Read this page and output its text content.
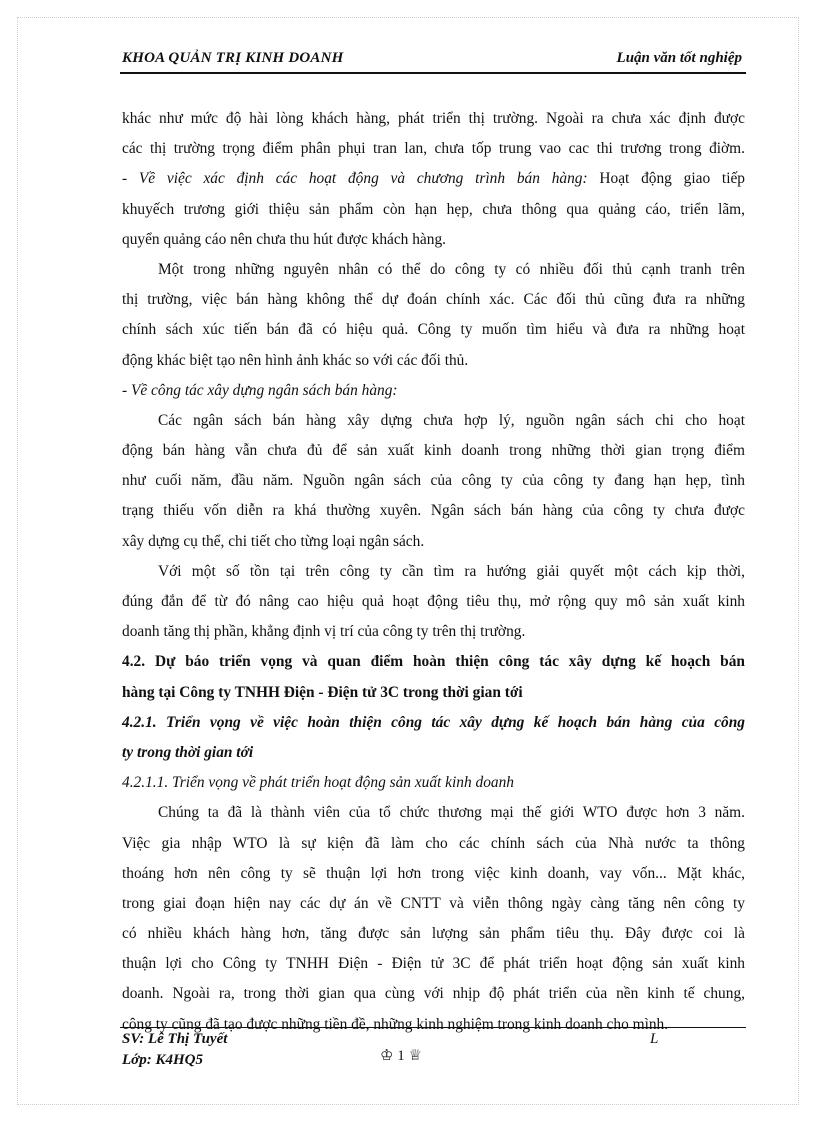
KHOA QUẢN TRỊ KINH DOANH	Luận văn tốt nghiệp
khác như mức độ hài lòng khách hàng, phát triển thị trường. Ngoài ra chưa xác định được
các thị trường trọng điểm phân phụi tran lan, chưa tốp trung vao cac thi trương trong điờm.
- Về việc xác định các hoạt động và chương trình bán hàng: Hoạt động giao tiếp
khuyếch trương giới thiệu sản phẩm còn hạn hẹp, chưa thông qua quảng cáo, triển lãm,
quyển quảng cáo nên chưa thu hút được khách hàng.
Một trong những nguyên nhân có thể do công ty có nhiều đối thủ cạnh tranh trên
thị trường, việc bán hàng không thể dự đoán chính xác. Các đối thủ cũng đưa ra những
chính sách xúc tiến bán đã có hiệu quả. Công ty muốn tìm hiểu và đưa ra những hoạt
động khác biệt tạo nên hình ảnh khác so với các đối thủ.
- Về công tác xây dựng ngân sách bán hàng:
Các ngân sách bán hàng xây dựng chưa hợp lý, nguồn ngân sách chi cho hoạt
động bán hàng vẫn chưa đủ để sản xuất kinh doanh trong những thời gian trọng điểm
như cuối năm, đầu năm. Nguồn ngân sách của công ty của công ty đang hạn hẹp, tình
trạng thiếu vốn diễn ra khá thường xuyên. Ngân sách bán hàng của công ty chưa được
xây dựng cụ thể, chi tiết cho từng loại ngân sách.
Với một số tồn tại trên công ty cần tìm ra hướng giải quyết một cách kịp thời,
đúng đắn để từ đó nâng cao hiệu quả hoạt động tiêu thụ, mở rộng quy mô sản xuất kinh
doanh tăng thị phần, khẳng định vị trí của công ty trên thị trường.
4.2. Dự báo triển vọng và quan điểm hoàn thiện công tác xây dựng kế hoạch bán
hàng tại Công ty TNHH Điện - Điện tử 3C trong thời gian tới
4.2.1. Triển vọng về việc hoàn thiện công tác xây dựng kế hoạch bán hàng của công
ty trong thời gian tới
4.2.1.1. Triển vọng về phát triển hoạt động sản xuất kinh doanh
Chúng ta đã là thành viên của tổ chức thương mại thế giới WTO được hơn 3 năm.
Việc gia nhập WTO là sự kiện đã làm cho các chính sách của Nhà nước ta thông
thoáng hơn nên công ty sẽ thuận lợi hơn trong việc kinh doanh, vay vốn... Mặt khác,
trong giai đoạn hiện nay các dự án về CNTT và viễn thông ngày càng tăng nên công ty
có nhiều khách hàng hơn, tăng được sản lượng sản phẩm tiêu thụ. Đây được coi là
thuận lợi cho Công ty TNHH Điện - Điện tử 3C để phát triển hoạt động sản xuất kinh
doanh. Ngoài ra, trong thời gian qua cùng với nhịp độ phát triển của nền kinh tế chung,
công ty cũng đã tạo được những tiền đề, những kinh nghiệm trong kinh doanh cho mình.
SV: Lê Thị Tuyết
Lớp: K4HQ5
L
♔ 1 ♕
